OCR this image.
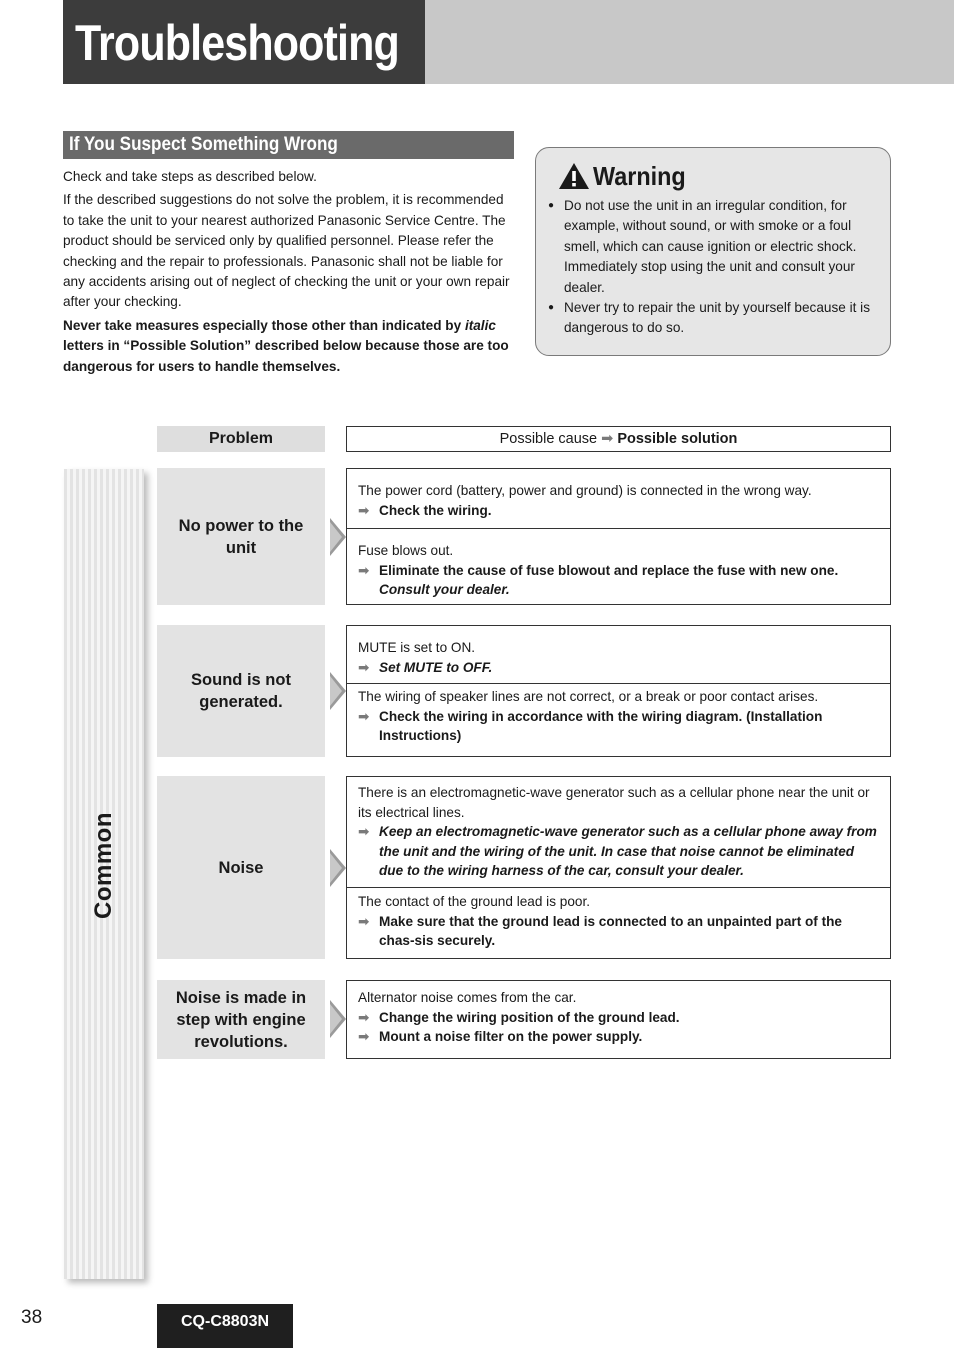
Troubleshooting
If You Suspect Something Wrong

Check and take steps as described below.

If the described suggestions do not solve the problem, it is recommended to take the unit to your nearest authorized Panasonic Service Centre. The product should be serviced only by qualified personnel. Please refer the checking and the repair to professionals. Panasonic shall not be liable for any accidents arising out of neglect of checking the unit or your own repair after your checking.

Never take measures especially those other than indicated by italic letters in “Possible Solution” described below because those are too dangerous for users to handle themselves.

Warning
● Do not use the unit in an irregular condition, for example, without sound, or with smoke or a foul smell, which can cause ignition or electric shock. Immediately stop using the unit and consult your dealer.
● Never try to repair the unit by yourself because it is dangerous to do so.
Problem	Possible cause ➡ Possible solution
Common
No power to the unit
The power cord (battery, power and ground) is connected in the wrong way.
➡ Check the wiring.
Fuse blows out.
➡ Eliminate the cause of fuse blowout and replace the fuse with new one.
Consult your dealer.
Sound is not generated.
MUTE is set to ON.
➡ Set MUTE to OFF.
The wiring of speaker lines are not correct, or a break or poor contact arises.
➡ Check the wiring in accordance with the wiring diagram. (Installation Instructions)
Noise
There is an electromagnetic-wave generator such as a cellular phone near the unit or its electrical lines.
➡ Keep an electromagnetic-wave generator such as a cellular phone away from the unit and the wiring of the unit. In case that noise cannot be eliminated due to the wiring harness of the car, consult your dealer.
The contact of the ground lead is poor.
➡ Make sure that the ground lead is connected to an unpainted part of the chas-sis securely.
Noise is made in step with engine revolutions.
Alternator noise comes from the car.
➡ Change the wiring position of the ground lead.
➡ Mount a noise filter on the power supply.
38	CQ-C8803N
